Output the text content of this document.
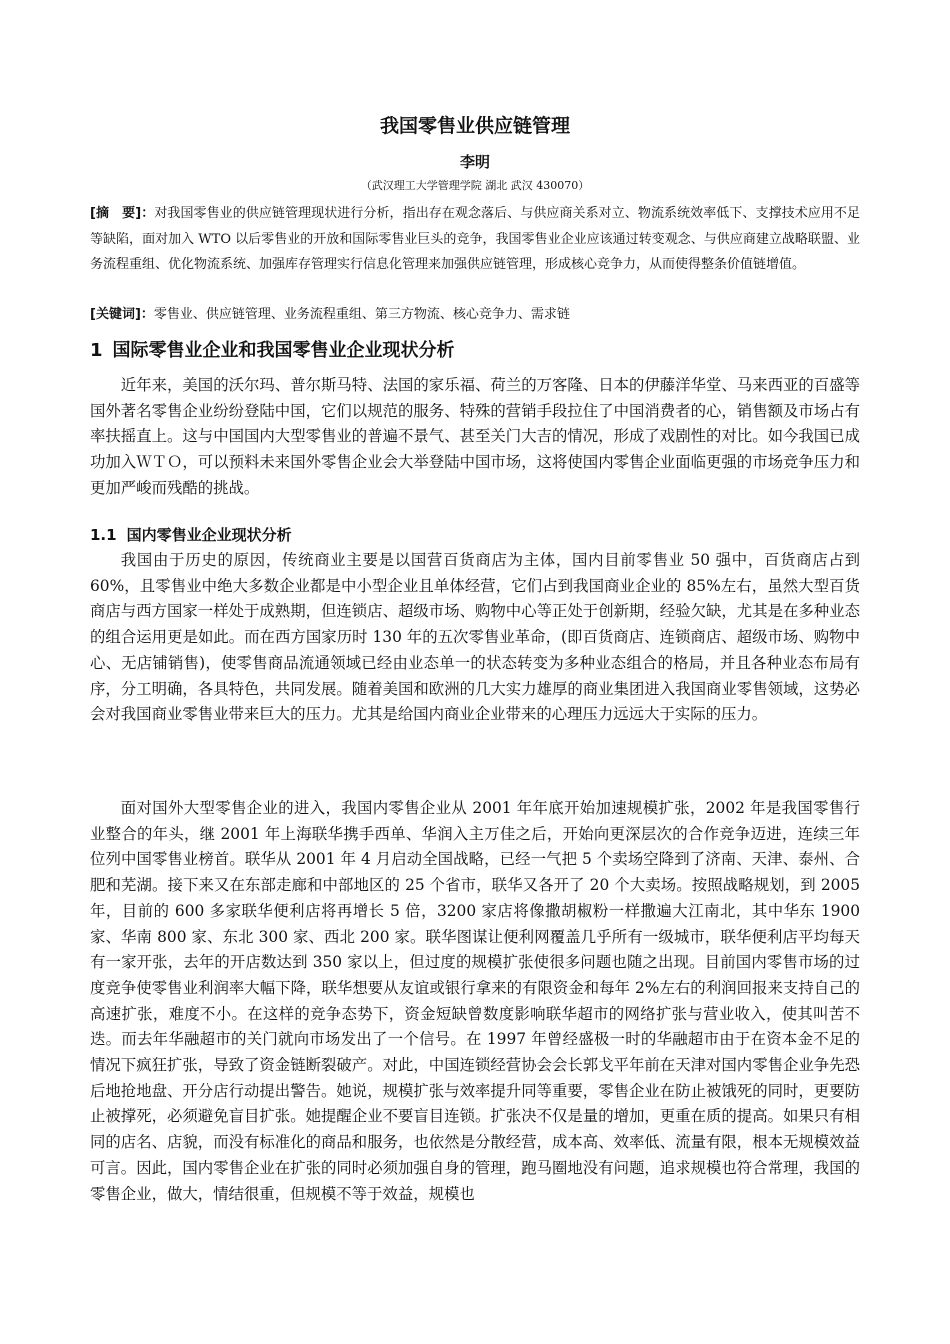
我国零售业供应链管理
李明
（武汉理工大学管理学院 湖北 武汉 430070）
[摘　要]：对我国零售业的供应链管理现状进行分析，指出存在观念落后、与供应商关系对立、物流系统效率低下、支撑技术应用不足等缺陷，面对加入 WTO 以后零售业的开放和国际零售业巨头的竞争，我国零售业企业应该通过转变观念、与供应商建立战略联盟、业务流程重组、优化物流系统、加强库存管理实行信息化管理来加强供应链管理，形成核心竞争力，从而使得整条价值链增值。
[关键词]：零售业、供应链管理、业务流程重组、第三方物流、核心竞争力、需求链
1 国际零售业企业和我国零售业企业现状分析
近年来，美国的沃尔玛、普尔斯马特、法国的家乐福、荷兰的万客隆、日本的伊藤洋华堂、马来西亚的百盛等国外著名零售企业纷纷登陆中国，它们以规范的服务、特殊的营销手段拉住了中国消费者的心，销售额及市场占有率扶摇直上。这与中国国内大型零售业的普遍不景气、甚至关门大吉的情况，形成了戏剧性的对比。如今我国已成功加入ＷＴＯ，可以预料未来国外零售企业会大举登陆中国市场，这将使国内零售企业面临更强的市场竞争压力和更加严峻而残酷的挑战。
1.1 国内零售业企业现状分析
我国由于历史的原因，传统商业主要是以国营百货商店为主体，国内目前零售业 50 强中，百货商店占到 60%，且零售业中绝大多数企业都是中小型企业且单体经营，它们占到我国商业企业的 85%左右，虽然大型百货商店与西方国家一样处于成熟期，但连锁店、超级市场、购物中心等正处于创新期，经验欠缺，尤其是在多种业态的组合运用更是如此。而在西方国家历时 130 年的五次零售业革命，(即百货商店、连锁商店、超级市场、购物中心、无店铺销售)，使零售商品流通领域已经由业态单一的状态转变为多种业态组合的格局，并且各种业态布局有序，分工明确，各具特色，共同发展。随着美国和欧洲的几大实力雄厚的商业集团进入我国商业零售领域，这势必会对我国商业零售业带来巨大的压力。尤其是给国内商业企业带来的心理压力远远大于实际的压力。
面对国外大型零售企业的进入，我国内零售企业从 2001 年年底开始加速规模扩张，2002 年是我国零售行业整合的年头，继 2001 年上海联华携手西单、华润入主万佳之后，开始向更深层次的合作竞争迈进，连续三年位列中国零售业榜首。联华从 2001 年 4 月启动全国战略，已经一气把 5 个卖场空降到了济南、天津、泰州、合肥和芜湖。接下来又在东部走廊和中部地区的 25 个省市，联华又各开了 20 个大卖场。按照战略规划，到 2005 年，目前的 600 多家联华便利店将再增长 5 倍，3200 家店将像撒胡椒粉一样撒遍大江南北，其中华东 1900 家、华南 800 家、东北 300 家、西北 200 家。联华图谋让便利网覆盖几乎所有一级城市，联华便利店平均每天有一家开张，去年的开店数达到 350 家以上，但过度的规模扩张使很多问题也随之出现。目前国内零售市场的过度竞争使零售业利润率大幅下降，联华想要从友谊或银行拿来的有限资金和每年 2%左右的利润回报来支持自己的高速扩张，难度不小。在这样的竞争态势下，资金短缺曾数度影响联华超市的网络扩张与营业收入，使其叫苦不迭。而去年华融超市的关门就向市场发出了一个信号。在 1997 年曾经盛极一时的华融超市由于在资本金不足的情况下疯狂扩张，导致了资金链断裂破产。对此，中国连锁经营协会会长郭戈平年前在天津对国内零售企业争先恐后地抢地盘、开分店行动提出警告。她说，规模扩张与效率提升同等重要，零售企业在防止被饿死的同时，更要防止被撑死，必须避免盲目扩张。她提醒企业不要盲目连锁。扩张决不仅是量的增加，更重在质的提高。如果只有相同的店名、店貌，而没有标准化的商品和服务，也依然是分散经营，成本高、效率低、流量有限，根本无规模效益可言。因此，国内零售企业在扩张的同时必须加强自身的管理，跑马圈地没有问题，追求规模也符合常理，我国的零售企业，做大，情结很重，但规模不等于效益，规模也
